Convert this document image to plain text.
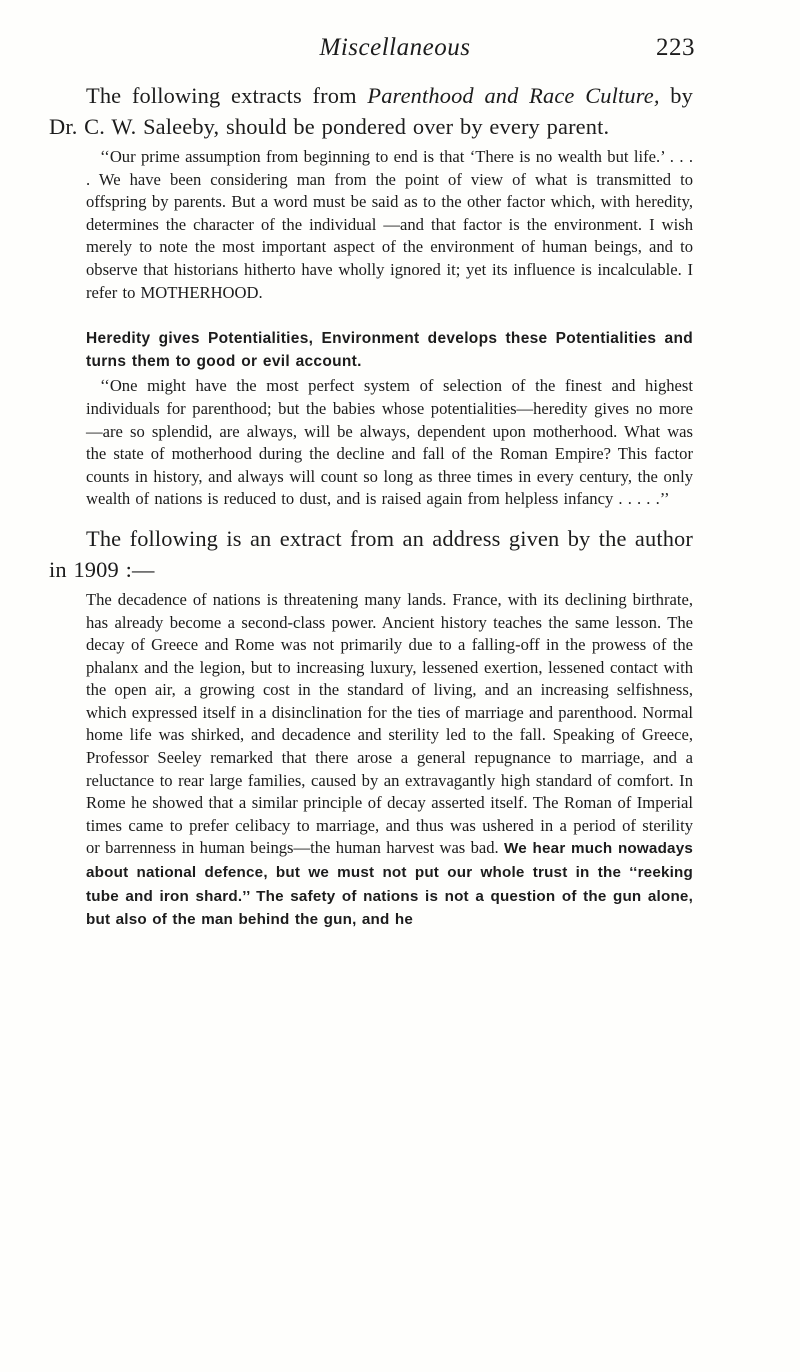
Miscellaneous	223

The following extracts from Parenthood and Race Culture, by Dr. C. W. Saleeby, should be pondered over by every parent.

‘‘Our prime assumption from beginning to end is that ‘There is no wealth but life.’ . . . . We have been considering man from the point of view of what is transmitted to offspring by parents. But a word must be said as to the other factor which, with heredity, determines the character of the individual —and that factor is the environment. I wish merely to note the most important aspect of the environment of human beings, and to observe that historians hitherto have wholly ignored it; yet its influence is incalculable. I refer to MOTHERHOOD.

Heredity gives Potentialities, Environment develops these Potentialities and turns them to good or evil account.

‘‘One might have the most perfect system of selection of the finest and highest individuals for parenthood; but the babies whose potentialities—heredity gives no more—are so splendid, are always, will be always, dependent upon motherhood. What was the state of motherhood during the decline and fall of the Roman Empire? This factor counts in history, and always will count so long as three times in every century, the only wealth of nations is reduced to dust, and is raised again from helpless infancy . . . . .’’

The following is an extract from an address given by the author in 1909 :—

The decadence of nations is threatening many lands. France, with its declining birthrate, has already become a second-class power. Ancient history teaches the same lesson. The decay of Greece and Rome was not primarily due to a falling-off in the prowess of the phalanx and the legion, but to increasing luxury, lessened exertion, lessened contact with the open air, a growing cost in the standard of living, and an increasing selfishness, which expressed itself in a disinclination for the ties of marriage and parenthood. Normal home life was shirked, and decadence and sterility led to the fall. Speaking of Greece, Professor Seeley remarked that there arose a general repugnance to marriage, and a reluctance to rear large families, caused by an extravagantly high standard of comfort. In Rome he showed that a similar principle of decay asserted itself. The Roman of Imperial times came to prefer celibacy to marriage, and thus was ushered in a period of sterility or barrenness in human beings—the human harvest was bad. We hear much nowadays about national defence, but we must not put our whole trust in the ‘‘reeking tube and iron shard.’’ The safety of nations is not a question of the gun alone, but also of the man behind the gun, and he
